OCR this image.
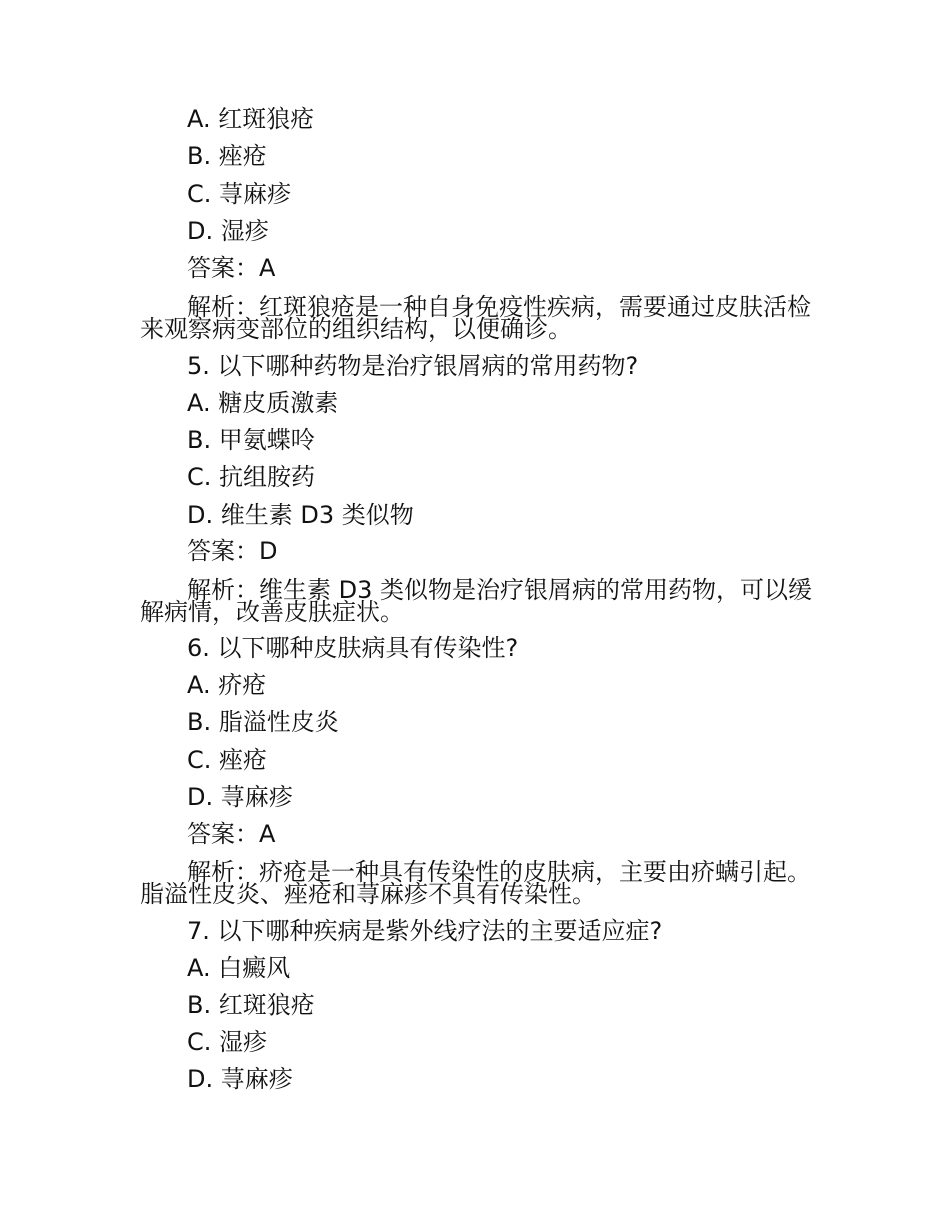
A. 红斑狼疮
B. 痤疮
C. 荨麻疹
D. 湿疹
答案：A
解析：红斑狼疮是一种自身免疫性疾病，需要通过皮肤活检来观察病变部位的组织结构，以便确诊。
5. 以下哪种药物是治疗银屑病的常用药物?
A. 糖皮质激素
B. 甲氨蝶呤
C. 抗组胺药
D. 维生素 D3 类似物
答案：D
解析：维生素 D3 类似物是治疗银屑病的常用药物，可以缓解病情，改善皮肤症状。
6. 以下哪种皮肤病具有传染性?
A. 疥疮
B. 脂溢性皮炎
C. 痤疮
D. 荨麻疹
答案：A
解析：疥疮是一种具有传染性的皮肤病，主要由疥螨引起。脂溢性皮炎、痤疮和荨麻疹不具有传染性。
7. 以下哪种疾病是紫外线疗法的主要适应症?
A. 白癜风
B. 红斑狼疮
C. 湿疹
D. 荨麻疹
